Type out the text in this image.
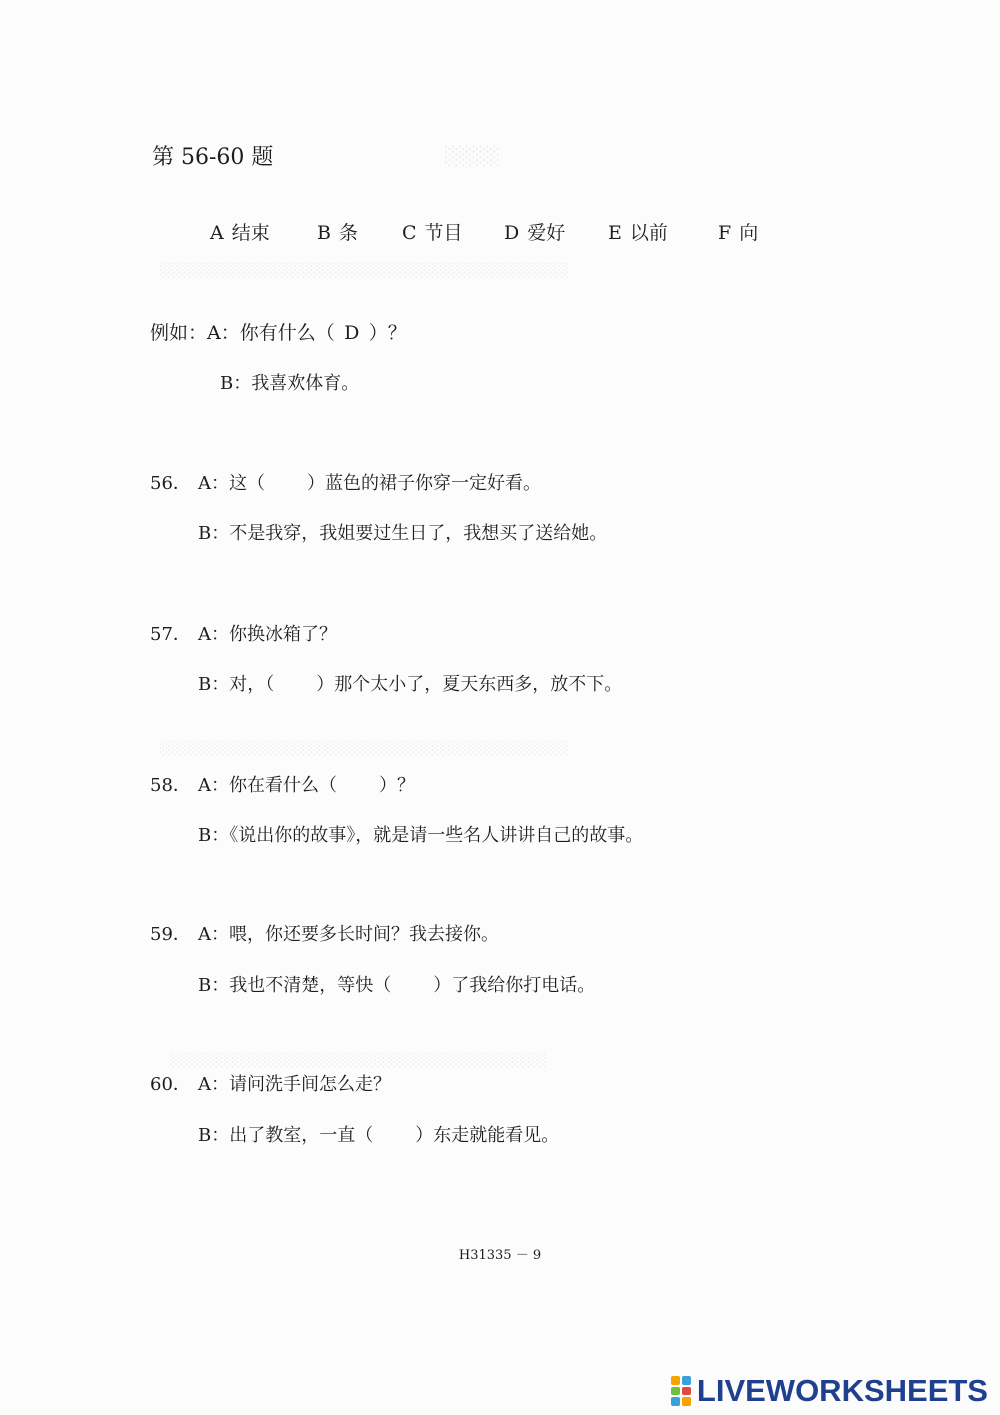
░░░░
░░░░░░░░░░░░░░░░░░░░░░░░░░░░░░░░░░░░░░
░░░░░░░░░░░░░░░░░░░░░░░░░░░░░░░░░░░░░░
░░░░░░░░░░░░░░░░░░░░░░░░░░░░░░░░░░░
第 56-60 题
A 结束 B 条 C 节目 D 爱好 E 以前	F 向
例如：A：你有什么（ D ）？
B：我喜欢体育。
56． A：这（ ）蓝色的裙子你穿一定好看。
B：不是我穿，我姐要过生日了，我想买了送给她。
57． A：你换冰箱了？
B：对，（ ）那个太小了，夏天东西多，放不下。
58． A：你在看什么（ ）？
B：《说出你的故事》，就是请一些名人讲讲自己的故事。
59． A：喂，你还要多长时间？我去接你。
B：我也不清楚，等快（ ）了我给你打电话。
60． A：请问洗手间怎么走？
B：出了教室，一直（ ）东走就能看见。
H31335 － 9
LIVEWORKSHEETS
